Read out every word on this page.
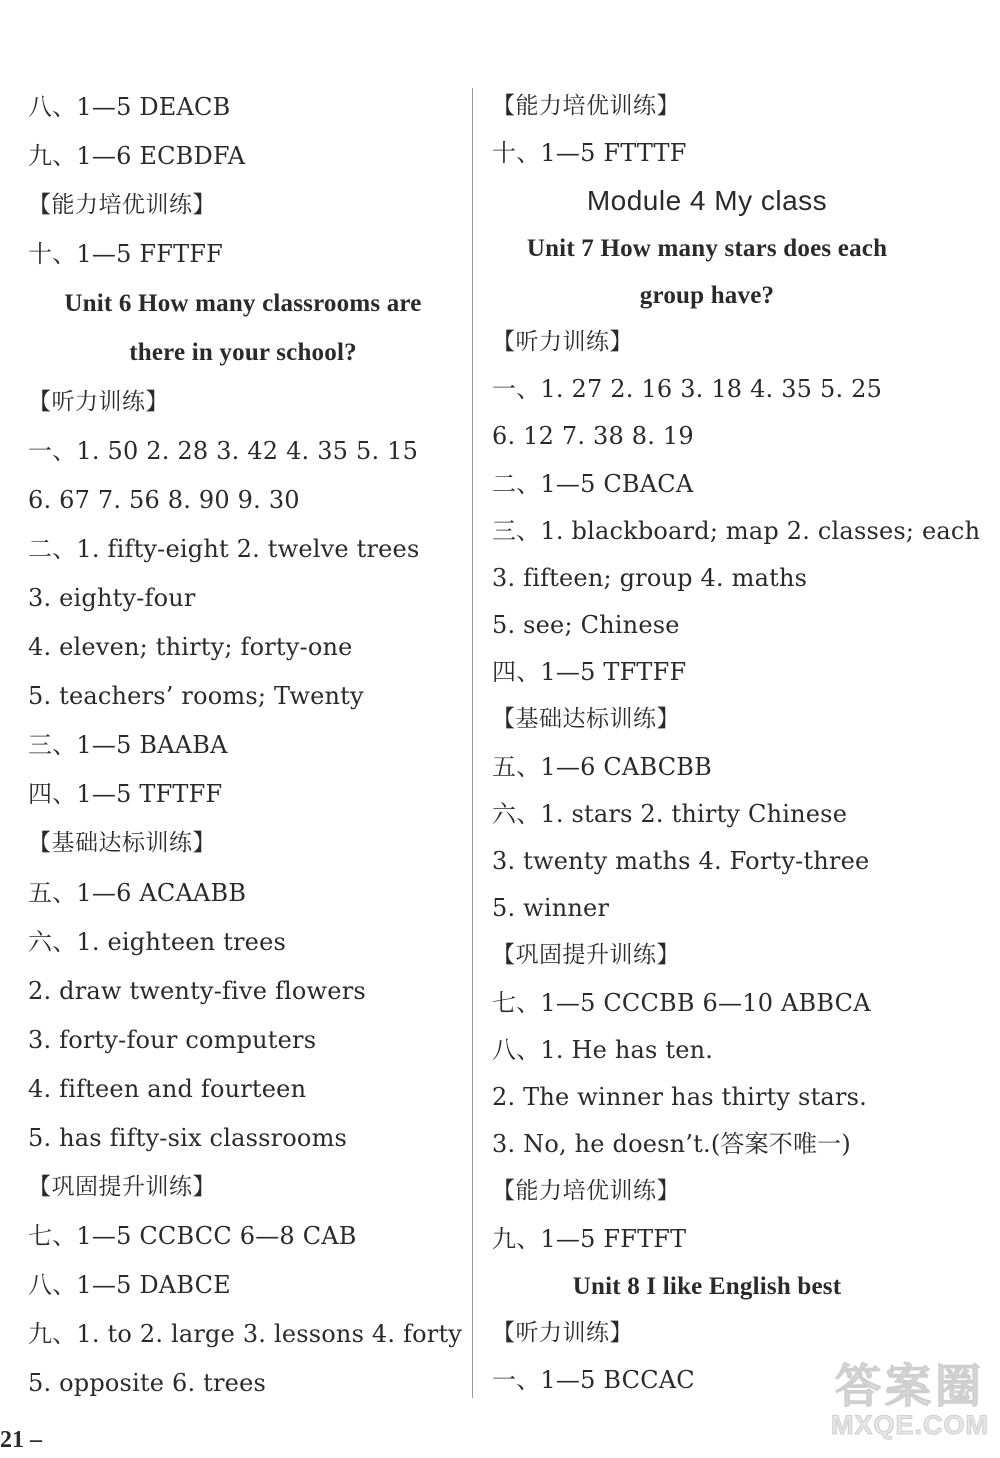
八、1—5 DEACB
九、1—6 ECBDFA
【能力培优训练】
十、1—5 FFTFF
Unit 6 How many classrooms are
there in your school?
【听力训练】
一、1. 50 2. 28 3. 42 4. 35 5. 15
6. 67 7. 56 8. 90 9. 30
二、1. fifty-eight 2. twelve trees
3. eighty-four
4. eleven; thirty; forty-one
5. teachers’ rooms; Twenty
三、1—5 BAABA
四、1—5 TFTFF
【基础达标训练】
五、1—6 ACAABB
六、1. eighteen trees
2. draw twenty-five flowers
3. forty-four computers
4. fifteen and fourteen
5. has fifty-six classrooms
【巩固提升训练】
七、1—5 CCBCC 6—8 CAB
八、1—5 DABCE
九、1. to 2. large 3. lessons 4. forty
5. opposite 6. trees
【能力培优训练】
十、1—5 FTTTF
Module 4 My class
Unit 7 How many stars does each
group have?
【听力训练】
一、1. 27 2. 16 3. 18 4. 35 5. 25
6. 12 7. 38 8. 19
二、1—5 CBACA
三、1. blackboard; map 2. classes; each
3. fifteen; group 4. maths
5. see; Chinese
四、1—5 TFTFF
【基础达标训练】
五、1—6 CABCBB
六、1. stars 2. thirty Chinese
3. twenty maths 4. Forty-three
5. winner
【巩固提升训练】
七、1—5 CCCBB 6—10 ABBCA
八、1. He has ten.
2. The winner has thirty stars.
3. No, he doesn’t.(答案不唯一)
【能力培优训练】
九、1—5 FFTFT
Unit 8 I like English best
【听力训练】
一、1—5 BCCAC
21 –
答案圈
MXQE.COM
